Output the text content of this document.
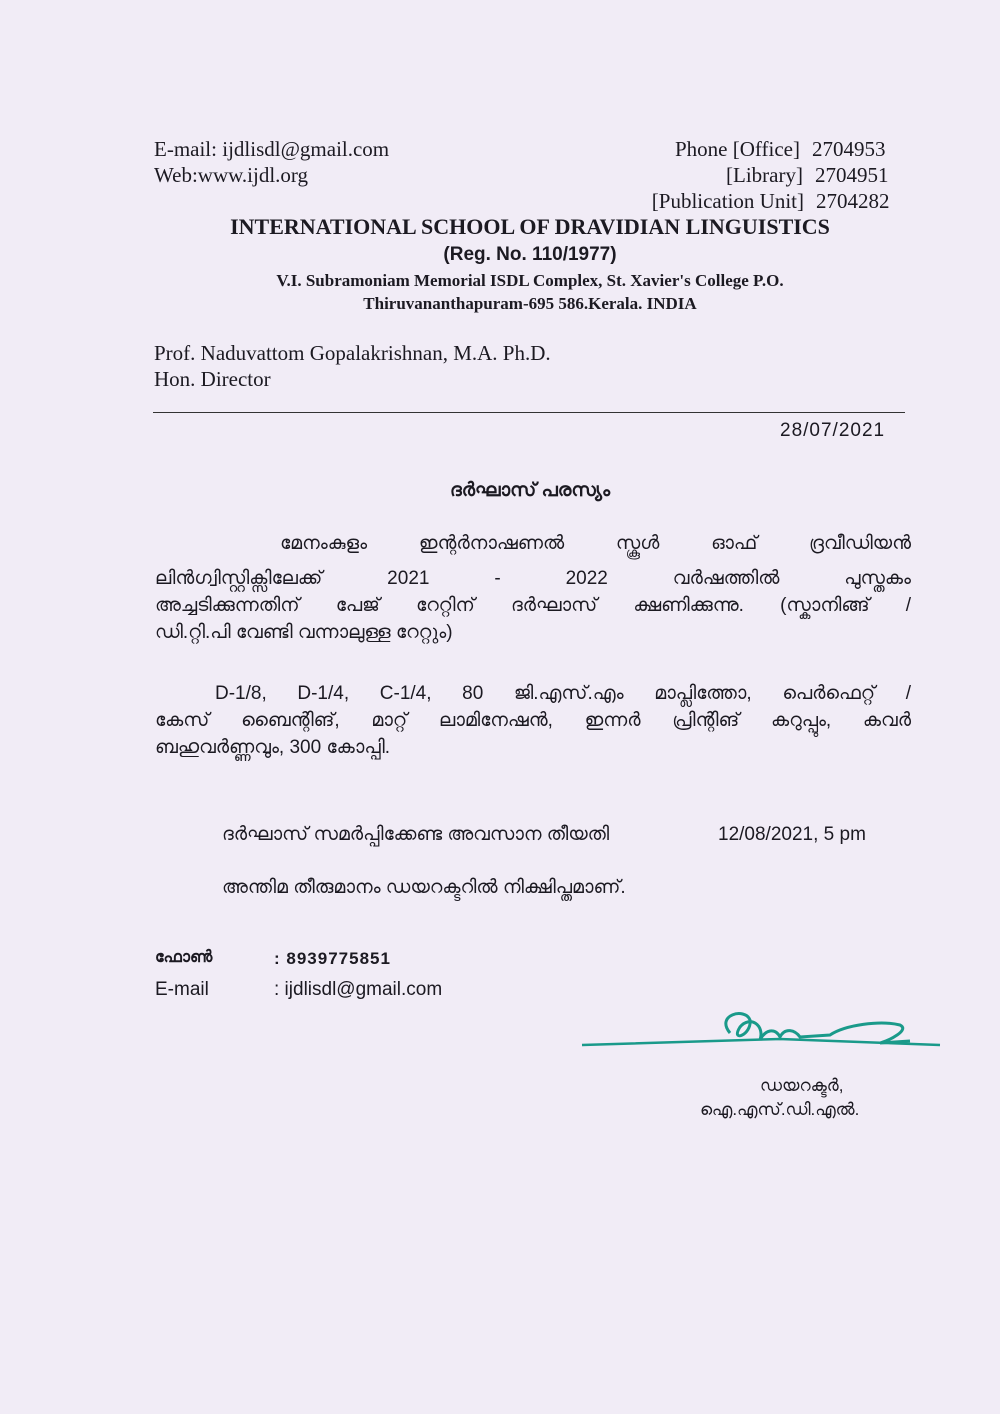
E-mail: ijdlisdl@gmail.com
Web:www.ijdl.org
Phone [Office] 2704953
[Library] 2704951
[Publication Unit] 2704282
INTERNATIONAL SCHOOL OF DRAVIDIAN LINGUISTICS
(Reg. No. 110/1977)
V.I. Subramoniam Memorial ISDL Complex, St. Xavier's College P.O.
Thiruvananthapuram-695 586.Kerala. INDIA
Prof. Naduvattom Gopalakrishnan, M.A. Ph.D.
Hon. Director
28/07/2021
ദർഘാസ് പരസ്യം
മേനംകുളം ഇന്റർനാഷണൽ സ്കൂൾ ഓഫ് ദ്രവീഡിയൻ
ലിൻഗ്വിസ്റ്റിക്സിലേക്ക് 2021 - 2022 വർഷത്തിൽ പുസ്തകം
അച്ചടിക്കുന്നതിന് പേജ് റേറ്റിന് ദർഘാസ് ക്ഷണിക്കുന്നു. (സ്കാനിങ്ങ് /
ഡി.റ്റി.പി വേണ്ടി വന്നാലുള്ള റേറ്റും)
D-1/8, D-1/4, C-1/4, 80 ജി.എസ്.എം മാപ്ലിത്തോ, പെർഫെറ്റ് /
കേസ് ബൈന്റിങ്, മാറ്റ് ലാമിനേഷൻ, ഇന്നർ പ്രിന്റിങ് കറുപ്പും, കവർ
ബഹുവർണ്ണവും, 300 കോപ്പി.
ദർഘാസ് സമർപ്പിക്കേണ്ട അവസാന തീയതി	12/08/2021, 5 pm
അന്തിമ തീരുമാനം ഡയറക്ടറിൽ നിക്ഷിപ്തമാണ്.
ഫോൺ	: 8939775851
E-mail	: ijdlisdl@gmail.com
ഡയറക്ടർ,
ഐ.എസ്.ഡി.എൽ.
